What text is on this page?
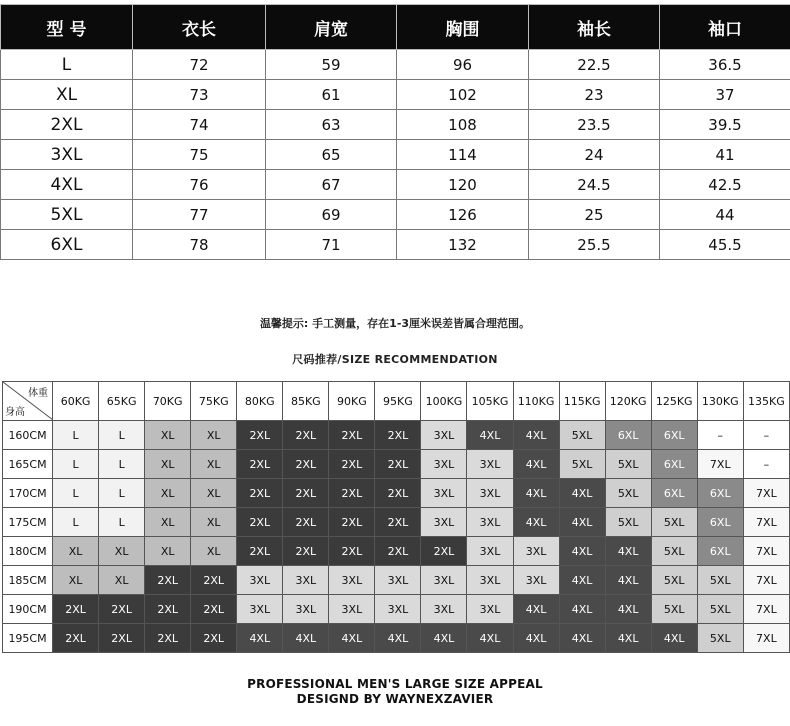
型 号	衣长	肩宽	胸围	袖长	袖口
L	72	59	96	22.5	36.5
XL	73	61	102	23	37
2XL	74	63	108	23.5	39.5
3XL	75	65	114	24	41
4XL	76	67	120	24.5	42.5
5XL	77	69	126	25	44
6XL	78	71	132	25.5	45.5
温馨提示: 手工测量，存在1-3厘米误差皆属合理范围。
尺码推荐/SIZE RECOMMENDATION
体重
身高	60KG	65KG	70KG	75KG	80KG	85KG	90KG	95KG	100KG	105KG	110KG	115KG	120KG	125KG	130KG	135KG
160CM	L	L	XL	XL	2XL	2XL	2XL	2XL	3XL	4XL	4XL	5XL	6XL	6XL	–	–
165CM	L	L	XL	XL	2XL	2XL	2XL	2XL	3XL	3XL	4XL	5XL	5XL	6XL	7XL	–
170CM	L	L	XL	XL	2XL	2XL	2XL	2XL	3XL	3XL	4XL	4XL	5XL	6XL	6XL	7XL
175CM	L	L	XL	XL	2XL	2XL	2XL	2XL	3XL	3XL	4XL	4XL	5XL	5XL	6XL	7XL
180CM	XL	XL	XL	XL	2XL	2XL	2XL	2XL	2XL	3XL	3XL	4XL	4XL	5XL	6XL	7XL
185CM	XL	XL	2XL	2XL	3XL	3XL	3XL	3XL	3XL	3XL	3XL	4XL	4XL	5XL	5XL	7XL
190CM	2XL	2XL	2XL	2XL	3XL	3XL	3XL	3XL	3XL	3XL	4XL	4XL	4XL	5XL	5XL	7XL
195CM	2XL	2XL	2XL	2XL	4XL	4XL	4XL	4XL	4XL	4XL	4XL	4XL	4XL	4XL	5XL	7XL
PROFESSIONAL MEN'S LARGE SIZE APPEAL
DESIGND BY WAYNEXZAVIER
